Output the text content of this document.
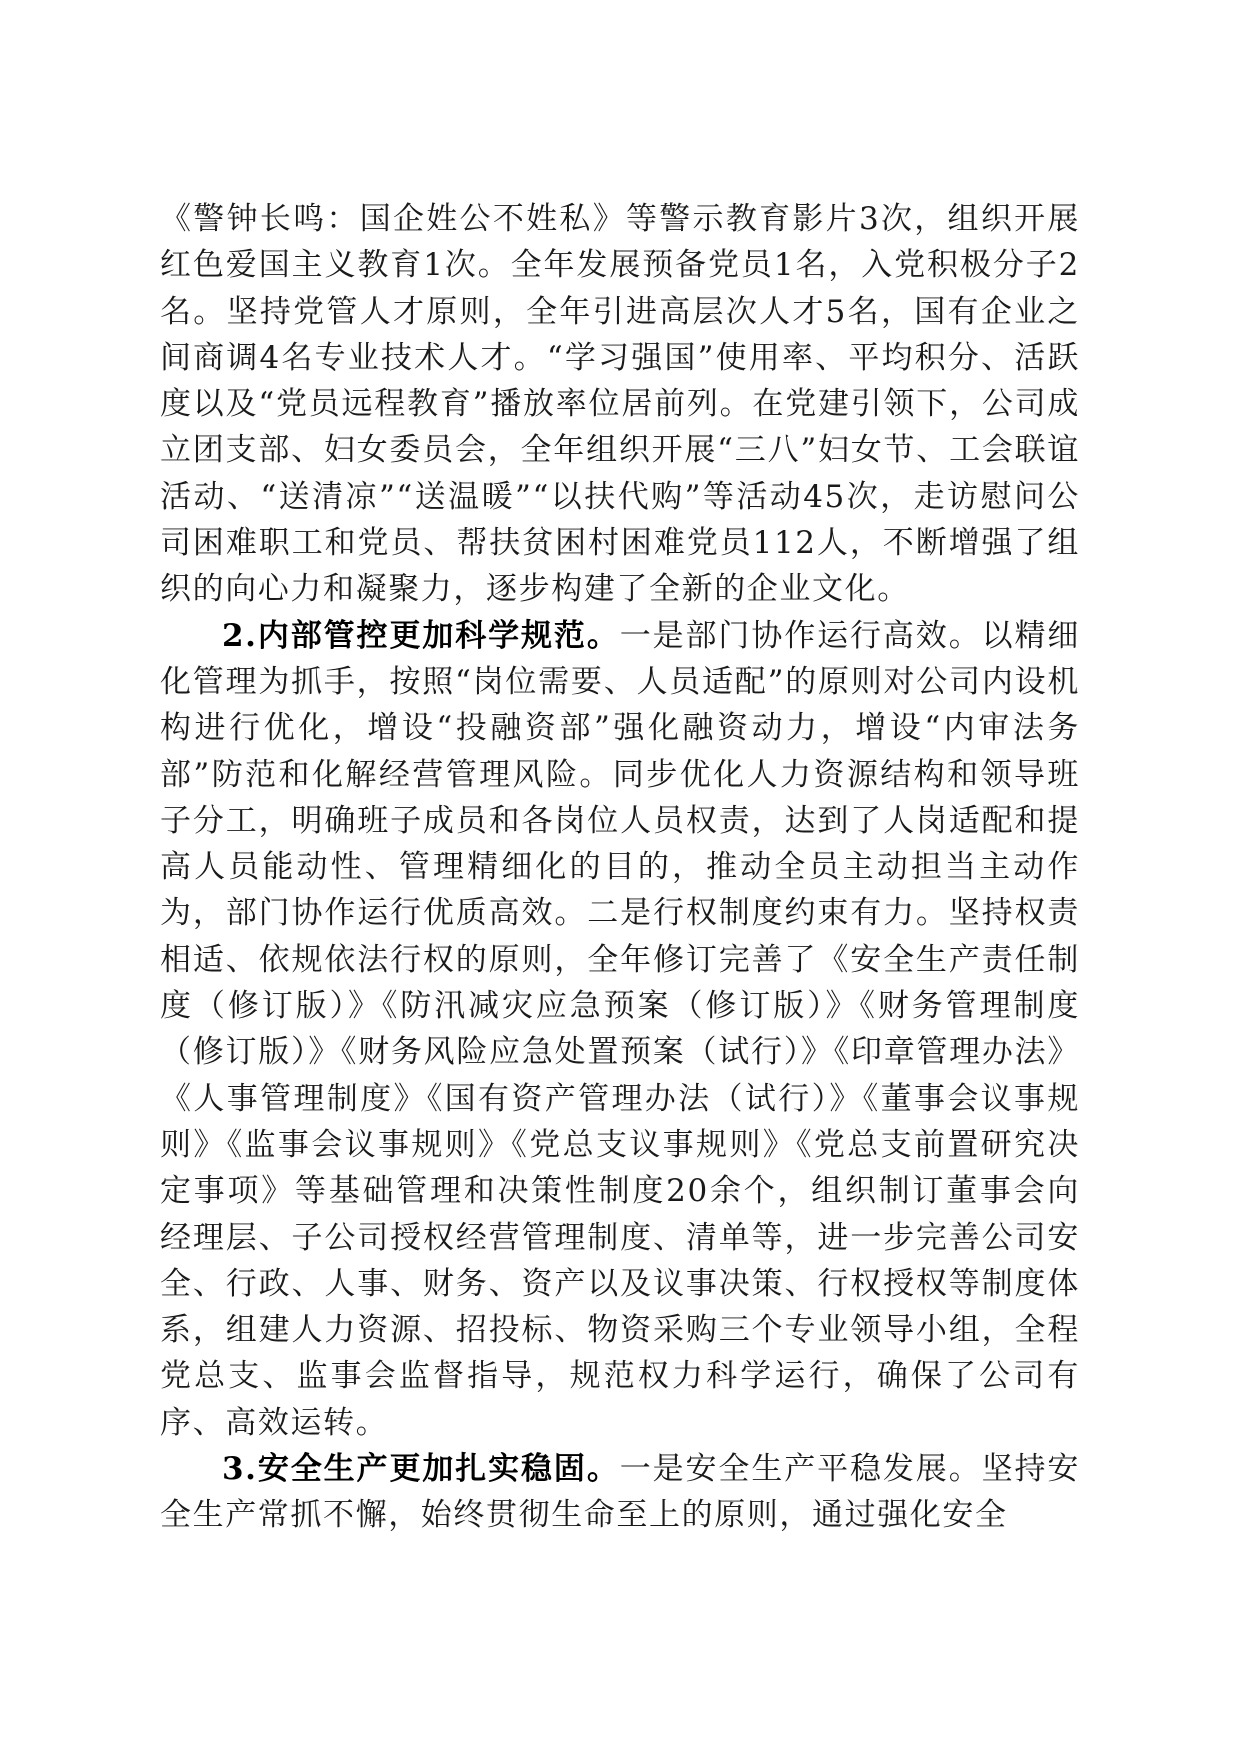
《警钟长鸣：国企姓公不姓私》等警示教育影片3次，组织开展红色爱国主义教育1次。全年发展预备党员1名，入党积极分子2名。坚持党管人才原则，全年引进高层次人才5名，国有企业之间商调4名专业技术人才。“学习强国”使用率、平均积分、活跃度以及“党员远程教育”播放率位居前列。在党建引领下，公司成立团支部、妇女委员会，全年组织开展“三八”妇女节、工会联谊活动、“送清凉”“送温暖”“以扶代购”等活动45次，走访慰问公司困难职工和党员、帮扶贫困村困难党员112人，不断增强了组织的向心力和凝聚力，逐步构建了全新的企业文化。

2.内部管控更加科学规范。一是部门协作运行高效。以精细化管理为抓手，按照“岗位需要、人员适配”的原则对公司内设机构进行优化，增设“投融资部”强化融资动力，增设“内审法务部”防范和化解经营管理风险。同步优化人力资源结构和领导班子分工，明确班子成员和各岗位人员权责，达到了人岗适配和提高人员能动性、管理精细化的目的，推动全员主动担当主动作为，部门协作运行优质高效。二是行权制度约束有力。坚持权责相适、依规依法行权的原则，全年修订完善了《安全生产责任制度（修订版）》《防汛减灾应急预案（修订版）》《财务管理制度（修订版）》《财务风险应急处置预案（试行）》《印章管理办法》《人事管理制度》《国有资产管理办法（试行）》《董事会议事规则》《监事会议事规则》《党总支议事规则》《党总支前置研究决定事项》等基础管理和决策性制度20余个，组织制订董事会向经理层、子公司授权经营管理制度、清单等，进一步完善公司安全、行政、人事、财务、资产以及议事决策、行权授权等制度体系，组建人力资源、招投标、物资采购三个专业领导小组，全程党总支、监事会监督指导，规范权力科学运行，确保了公司有序、高效运转。

3.安全生产更加扎实稳固。一是安全生产平稳发展。坚持安全生产常抓不懈，始终贯彻生命至上的原则，通过强化安全
